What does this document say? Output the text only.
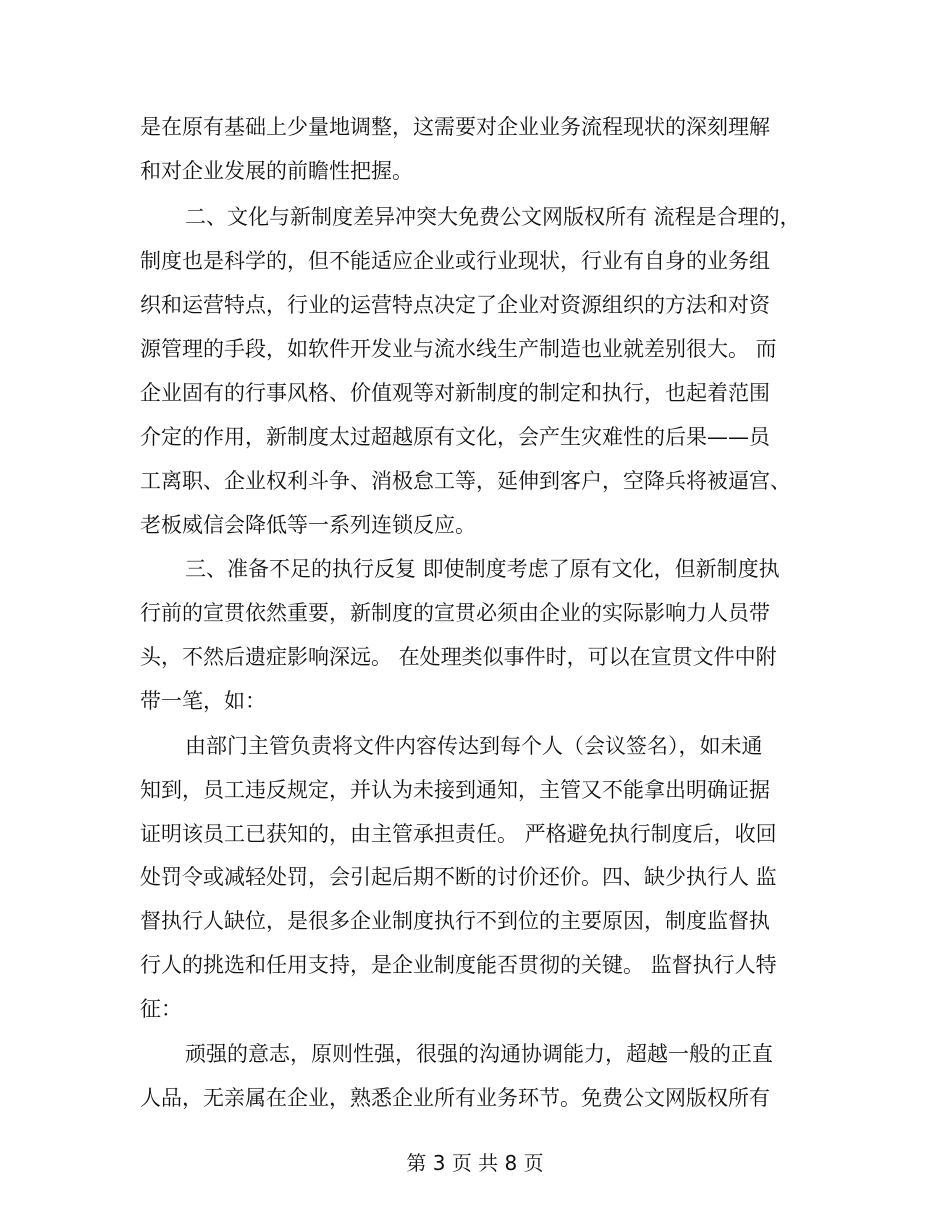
是在原有基础上少量地调整，这需要对企业业务流程现状的深刻理解
和对企业发展的前瞻性把握。
二、文化与新制度差异冲突大免费公文网版权所有 流程是合理的，
制度也是科学的，但不能适应企业或行业现状，行业有自身的业务组
织和运营特点，行业的运营特点决定了企业对资源组织的方法和对资
源管理的手段，如软件开发业与流水线生产制造也业就差别很大。 而
企业固有的行事风格、价值观等对新制度的制定和执行，也起着范围
介定的作用，新制度太过超越原有文化，会产生灾难性的后果——员
工离职、企业权利斗争、消极怠工等，延伸到客户，空降兵将被逼宫、
老板威信会降低等一系列连锁反应。
三、准备不足的执行反复 即使制度考虑了原有文化，但新制度执
行前的宣贯依然重要，新制度的宣贯必须由企业的实际影响力人员带
头，不然后遗症影响深远。 在处理类似事件时，可以在宣贯文件中附
带一笔，如：
由部门主管负责将文件内容传达到每个人（会议签名），如未通
知到，员工违反规定，并认为未接到通知，主管又不能拿出明确证据
证明该员工已获知的，由主管承担责任。 严格避免执行制度后，收回
处罚令或减轻处罚，会引起后期不断的讨价还价。四、缺少执行人 监
督执行人缺位，是很多企业制度执行不到位的主要原因，制度监督执
行人的挑选和任用支持，是企业制度能否贯彻的关键。 监督执行人特
征：
顽强的意志，原则性强，很强的沟通协调能力，超越一般的正直
人品，无亲属在企业，熟悉企业所有业务环节。免费公文网版权所有
第 3 页 共 8 页
